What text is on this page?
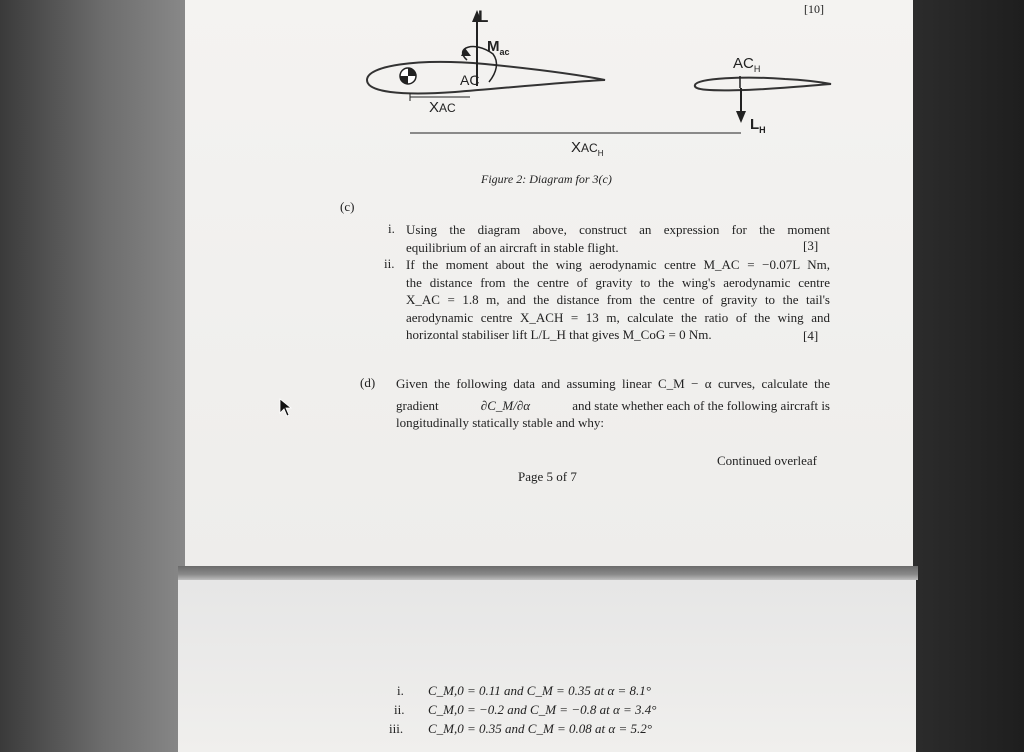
L
$M_{ac}$
AC
XAC
$AC_H$
$L_H$
$XAC_H$
[10]
Figure 2: Diagram for 3(c)
(c)
i. Using the diagram above, construct an expression for the moment
equilibrium of an aircraft in stable flight.	[3]
ii. If the moment about the wing aerodynamic centre M_AC = −0.07L Nm,
the distance from the centre of gravity to the wing's aerodynamic centre
X_AC = 1.8 m, and the distance from the centre of gravity to the tail's
aerodynamic centre X_ACH = 13 m, calculate the ratio of the wing and
horizontal stabiliser lift L/L_H that gives M_CoG = 0 Nm.	[4]
(d) Given the following data and assuming linear C_M − α curves, calculate the
gradient	∂C_M/∂α	and state whether each of the following aircraft is
longitudinally statically stable and why:
Continued overleaf
Page 5 of 7
i. C_M,0 = 0.11 and C_M = 0.35 at α = 8.1°
ii. C_M,0 = −0.2 and C_M = −0.8 at α = 3.4°
iii. C_M,0 = 0.35 and C_M = 0.08 at α = 5.2°
